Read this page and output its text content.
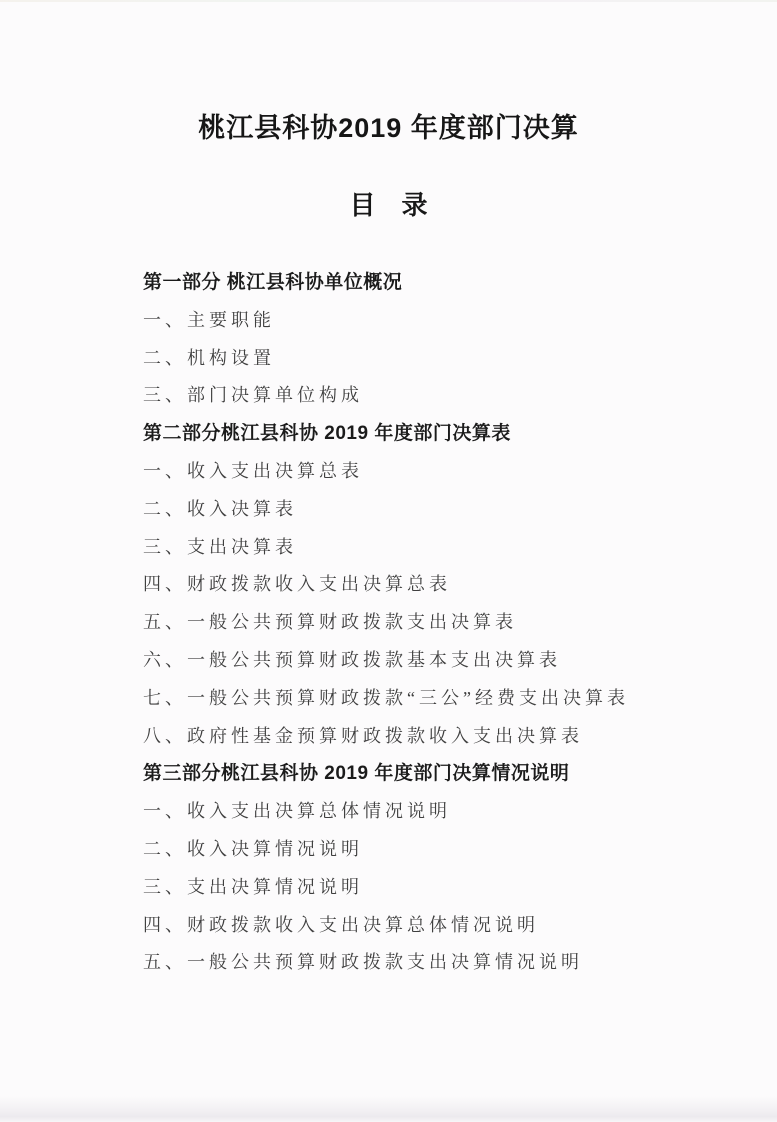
桃江县科协2019 年度部门决算
目　录
第一部分 桃江县科协单位概况
一、主要职能
二、机构设置
三、部门决算单位构成
第二部分桃江县科协 2019 年度部门决算表
一、收入支出决算总表
二、收入决算表
三、支出决算表
四、财政拨款收入支出决算总表
五、一般公共预算财政拨款支出决算表
六、一般公共预算财政拨款基本支出决算表
七、一般公共预算财政拨款“三公”经费支出决算表
八、政府性基金预算财政拨款收入支出决算表
第三部分桃江县科协 2019 年度部门决算情况说明
一、收入支出决算总体情况说明
二、收入决算情况说明
三、支出决算情况说明
四、财政拨款收入支出决算总体情况说明
五、一般公共预算财政拨款支出决算情况说明
